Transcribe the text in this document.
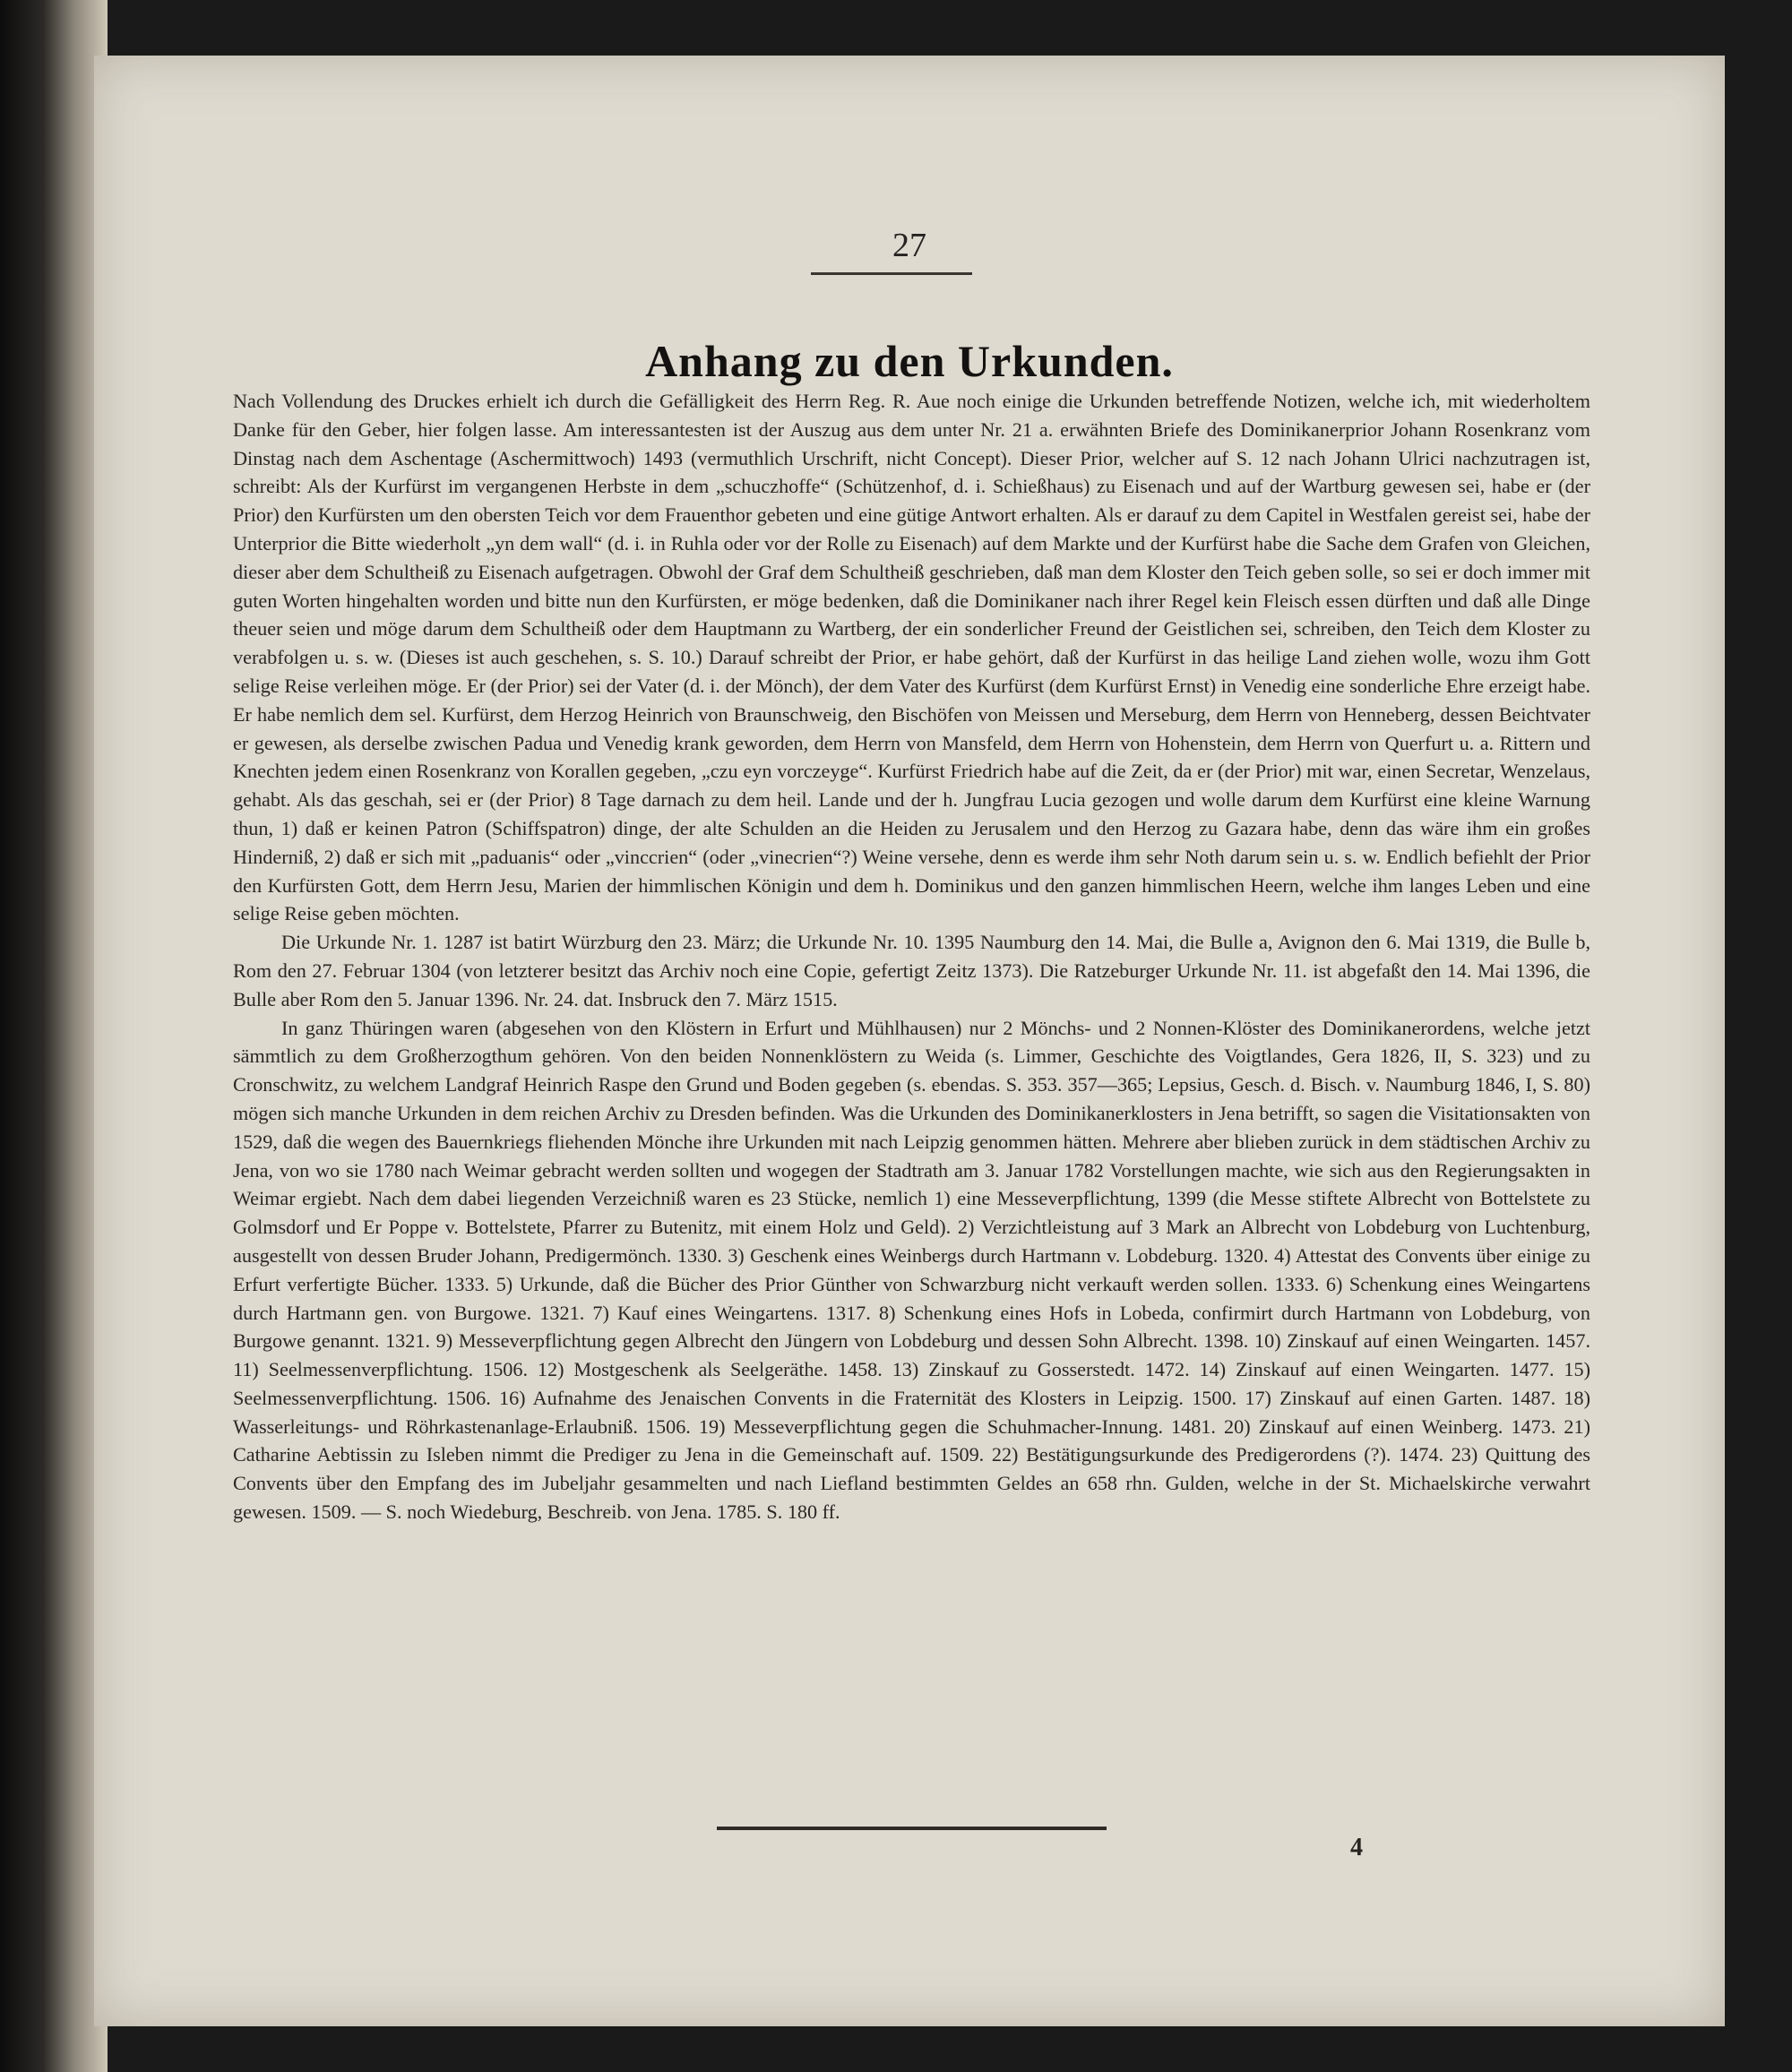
27
Anhang zu den Urkunden.

Nach Vollendung des Druckes erhielt ich durch die Gefälligkeit des Herrn Reg. R. Aue noch einige die Urkunden betreffende Notizen, welche ich, mit wiederholtem Danke für den Geber, hier folgen lasse. Am interessantesten ist der Auszug aus dem unter Nr. 21 a. erwähnten Briefe des Dominikanerprior Johann Rosenkranz vom Dinstag nach dem Aschentage (Aschermittwoch) 1493 (vermuthlich Urschrift, nicht Concept). Dieser Prior, welcher auf S. 12 nach Johann Ulrici nachzutragen ist, schreibt: Als der Kurfürst im vergangenen Herbste in dem „schuczhoffe“ (Schützenhof, d. i. Schießhaus) zu Eisenach und auf der Wartburg gewesen sei, habe er (der Prior) den Kurfürsten um den obersten Teich vor dem Frauenthor gebeten und eine gütige Antwort erhalten. Als er darauf zu dem Capitel in Westfalen gereist sei, habe der Unterprior die Bitte wiederholt „yn dem wall“ (d. i. in Ruhla oder vor der Rolle zu Eisenach) auf dem Markte und der Kurfürst habe die Sache dem Grafen von Gleichen, dieser aber dem Schultheiß zu Eisenach aufgetragen. Obwohl der Graf dem Schultheiß geschrieben, daß man dem Kloster den Teich geben solle, so sei er doch immer mit guten Worten hingehalten worden und bitte nun den Kurfürsten, er möge bedenken, daß die Dominikaner nach ihrer Regel kein Fleisch essen dürften und daß alle Dinge theuer seien und möge darum dem Schultheiß oder dem Hauptmann zu Wartberg, der ein sonderlicher Freund der Geistlichen sei, schreiben, den Teich dem Kloster zu verabfolgen u. s. w. (Dieses ist auch geschehen, s. S. 10.) Darauf schreibt der Prior, er habe gehört, daß der Kurfürst in das heilige Land ziehen wolle, wozu ihm Gott selige Reise verleihen möge. Er (der Prior) sei der Vater (d. i. der Mönch), der dem Vater des Kurfürst (dem Kurfürst Ernst) in Venedig eine sonderliche Ehre erzeigt habe. Er habe nemlich dem sel. Kurfürst, dem Herzog Heinrich von Braunschweig, den Bischöfen von Meissen und Merseburg, dem Herrn von Henneberg, dessen Beichtvater er gewesen, als derselbe zwischen Padua und Venedig krank geworden, dem Herrn von Mansfeld, dem Herrn von Hohenstein, dem Herrn von Querfurt u. a. Rittern und Knechten jedem einen Rosenkranz von Korallen gegeben, „czu eyn vorczeyge“. Kurfürst Friedrich habe auf die Zeit, da er (der Prior) mit war, einen Secretar, Wenzelaus, gehabt. Als das geschah, sei er (der Prior) 8 Tage darnach zu dem heil. Lande und der h. Jungfrau Lucia gezogen und wolle darum dem Kurfürst eine kleine Warnung thun, 1) daß er keinen Patron (Schiffspatron) dinge, der alte Schulden an die Heiden zu Jerusalem und den Herzog zu Gazara habe, denn das wäre ihm ein großes Hinderniß, 2) daß er sich mit „paduanis“ oder „vinccrien“ (oder „vinecrien“?) Weine versehe, denn es werde ihm sehr Noth darum sein u. s. w. Endlich befiehlt der Prior den Kurfürsten Gott, dem Herrn Jesu, Marien der himmlischen Königin und dem h. Dominikus und den ganzen himmlischen Heern, welche ihm langes Leben und eine selige Reise geben möchten.

Die Urkunde Nr. 1. 1287 ist batirt Würzburg den 23. März; die Urkunde Nr. 10. 1395 Naumburg den 14. Mai, die Bulle a, Avignon den 6. Mai 1319, die Bulle b, Rom den 27. Februar 1304 (von letzterer besitzt das Archiv noch eine Copie, gefertigt Zeitz 1373). Die Ratzeburger Urkunde Nr. 11. ist abgefaßt den 14. Mai 1396, die Bulle aber Rom den 5. Januar 1396. Nr. 24. dat. Insbruck den 7. März 1515.

In ganz Thüringen waren (abgesehen von den Klöstern in Erfurt und Mühlhausen) nur 2 Mönchs- und 2 Nonnen-Klöster des Dominikanerordens, welche jetzt sämmtlich zu dem Großherzogthum gehören. Von den beiden Nonnenklöstern zu Weida (s. Limmer, Geschichte des Voigtlandes, Gera 1826, II, S. 323) und zu Cronschwitz, zu welchem Landgraf Heinrich Raspe den Grund und Boden gegeben (s. ebendas. S. 353. 357—365; Lepsius, Gesch. d. Bisch. v. Naumburg 1846, I, S. 80) mögen sich manche Urkunden in dem reichen Archiv zu Dresden befinden. Was die Urkunden des Dominikanerklosters in Jena betrifft, so sagen die Visitationsakten von 1529, daß die wegen des Bauernkriegs fliehenden Mönche ihre Urkunden mit nach Leipzig genommen hätten. Mehrere aber blieben zurück in dem städtischen Archiv zu Jena, von wo sie 1780 nach Weimar gebracht werden sollten und wogegen der Stadtrath am 3. Januar 1782 Vorstellungen machte, wie sich aus den Regierungsakten in Weimar ergiebt. Nach dem dabei liegenden Verzeichniß waren es 23 Stücke, nemlich 1) eine Messeverpflichtung, 1399 (die Messe stiftete Albrecht von Bottelstete zu Golmsdorf und Er Poppe v. Bottelstete, Pfarrer zu Butenitz, mit einem Holz und Geld). 2) Verzichtleistung auf 3 Mark an Albrecht von Lobdeburg von Luchtenburg, ausgestellt von dessen Bruder Johann, Predigermönch. 1330. 3) Geschenk eines Weinbergs durch Hartmann v. Lobdeburg. 1320. 4) Attestat des Convents über einige zu Erfurt verfertigte Bücher. 1333. 5) Urkunde, daß die Bücher des Prior Günther von Schwarzburg nicht verkauft werden sollen. 1333. 6) Schenkung eines Weingartens durch Hartmann gen. von Burgowe. 1321. 7) Kauf eines Weingartens. 1317. 8) Schenkung eines Hofs in Lobeda, confirmirt durch Hartmann von Lobdeburg, von Burgowe genannt. 1321. 9) Messeverpflichtung gegen Albrecht den Jüngern von Lobdeburg und dessen Sohn Albrecht. 1398. 10) Zinskauf auf einen Weingarten. 1457. 11) Seelmessenverpflichtung. 1506. 12) Mostgeschenk als Seelgeräthe. 1458. 13) Zinskauf zu Gosserstedt. 1472. 14) Zinskauf auf einen Weingarten. 1477. 15) Seelmessenverpflichtung. 1506. 16) Aufnahme des Jenaischen Convents in die Fraternität des Klosters in Leipzig. 1500. 17) Zinskauf auf einen Garten. 1487. 18) Wasserleitungs- und Röhrkastenanlage-Erlaubniß. 1506. 19) Messeverpflichtung gegen die Schuhmacher-Innung. 1481. 20) Zinskauf auf einen Weinberg. 1473. 21) Catharine Aebtissin zu Isleben nimmt die Prediger zu Jena in die Gemeinschaft auf. 1509. 22) Bestätigungsurkunde des Predigerordens (?). 1474. 23) Quittung des Convents über den Empfang des im Jubeljahr gesammelten und nach Liefland bestimmten Geldes an 658 rhn. Gulden, welche in der St. Michaelskirche verwahrt gewesen. 1509. — S. noch Wiedeburg, Beschreib. von Jena. 1785. S. 180 ff.

4
